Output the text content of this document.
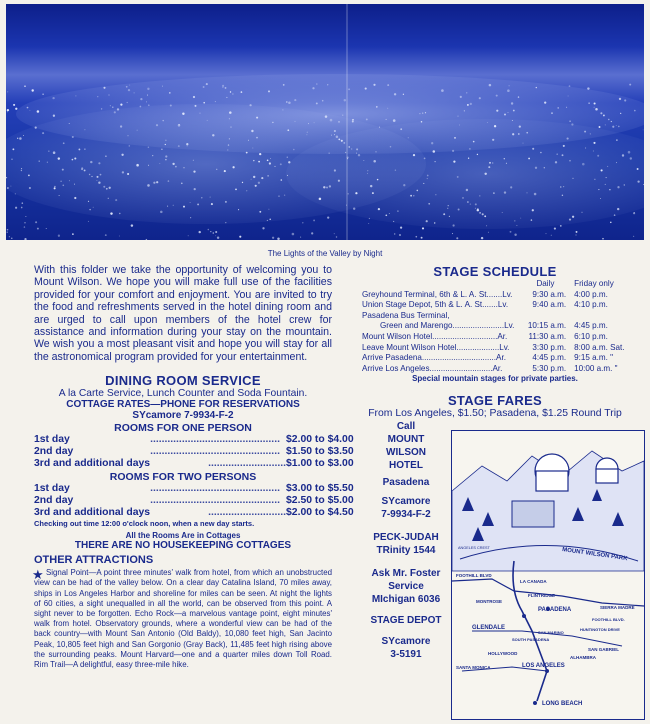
The Lights of the Valley by Night

With this folder we take the opportunity of welcoming you to Mount Wilson. We hope you will make full use of the facilities provided for your comfort and enjoyment. You are invited to try the food and refreshments served in the hotel dining room and are urged to call upon members of the hotel crew for assistance and information during your stay on the mountain. We wish you a most pleasant visit and hope you will stay for all the astronomical program provided for your entertainment.

DINING ROOM SERVICE
A la Carte Service, Lunch Counter and Soda Fountain.
COTTAGE RATES—PHONE FOR RESERVATIONS
SYcamore 7-9934-F-2
ROOMS FOR ONE PERSON
1st day	.............................................	$2.00 to $4.00
2nd day	.............................................	$1.50 to $3.50
3rd and additional days	...........................	$1.00 to $3.00
ROOMS FOR TWO PERSONS
1st day	.............................................	$3.00 to $5.50
2nd day	.............................................	$2.50 to $5.00
3rd and additional days	...........................	$2.00 to $4.50
Checking out time 12:00 o'clock noon, when a new day starts.
All the Rooms Are in Cottages
THERE ARE NO HOUSEKEEPING COTTAGES
OTHER ATTRACTIONS

★ Signal Point—A point three minutes' walk from hotel, from which an unobstructed view can be had of the valley below. On a clear day Catalina Island, 70 miles away, ships in Los Angeles Harbor and shoreline for miles can be seen. At night the lights of 60 cities, a sight unequalled in all the world, can be observed from this point. A sight never to be forgotten. Echo Rock—a marvelous vantage point, eight minutes' walk from hotel. Observatory grounds, where a wonderful view can be had of the back country—with Mount San Antonio (Old Baldy), 10,080 feet high, San Jacinto Peak, 10,805 feet high and San Gorgonio (Gray Back), 11,485 feet high rising above the surrounding peaks. Mount Harvard—one and a quarter miles down Toll Road. Rim Trail—A delightful, easy three-mile hike.

STAGE SCHEDULE
	Daily	Friday only
Greyhound Terminal, 6th & L. A. St.......Lv.	9:30 a.m.	4:00 p.m.
Union Stage Depot, 5th & L. A. St.......Lv.	9:40 a.m.	4:10 p.m.
Pasadena Bus Terminal,		
Green and Marengo.......................Lv.	10:15 a.m.	4:45 p.m.
Mount Wilson Hotel.............................Ar.	11:30 a.m.	6:10 p.m.
Leave Mount Wilson Hotel...................Lv.	3:30 p.m.	8:00 a.m. Sat.
Arrive Pasadena.................................Ar.	4:45 p.m.	9:15 a.m. "
Arrive Los Angeles............................Ar.	5:30 p.m.	10:00 a.m. "
Special mountain stages for private parties.
STAGE FARES
From Los Angeles, $1.50; Pasadena, $1.25 Round Trip
Call
MOUNT
WILSON
HOTEL
Pasadena
SYcamore
7-9934-F-2
PECK-JUDAH
TRinity 1544
Ask Mr. Foster
Service
MIchigan 6036
STAGE DEPOT
SYcamore
3-5191
MOUNT WILSON PARK
ANGELES CREST
FOOTHILL BLVD
LA CANADA
FLINTRIDGE
MONTROSE
PASADENA	SIERRA MADRE
GLENDALE
SOUTH PASADENA
SAN MARINO
HUNTINGTON DRIVE
HOLLYWOOD
SANTA MONICA	LOS ANGELES
ALHAMBRA
SAN GABRIEL
FOOTHILL BLVD.
LONG BEACH
